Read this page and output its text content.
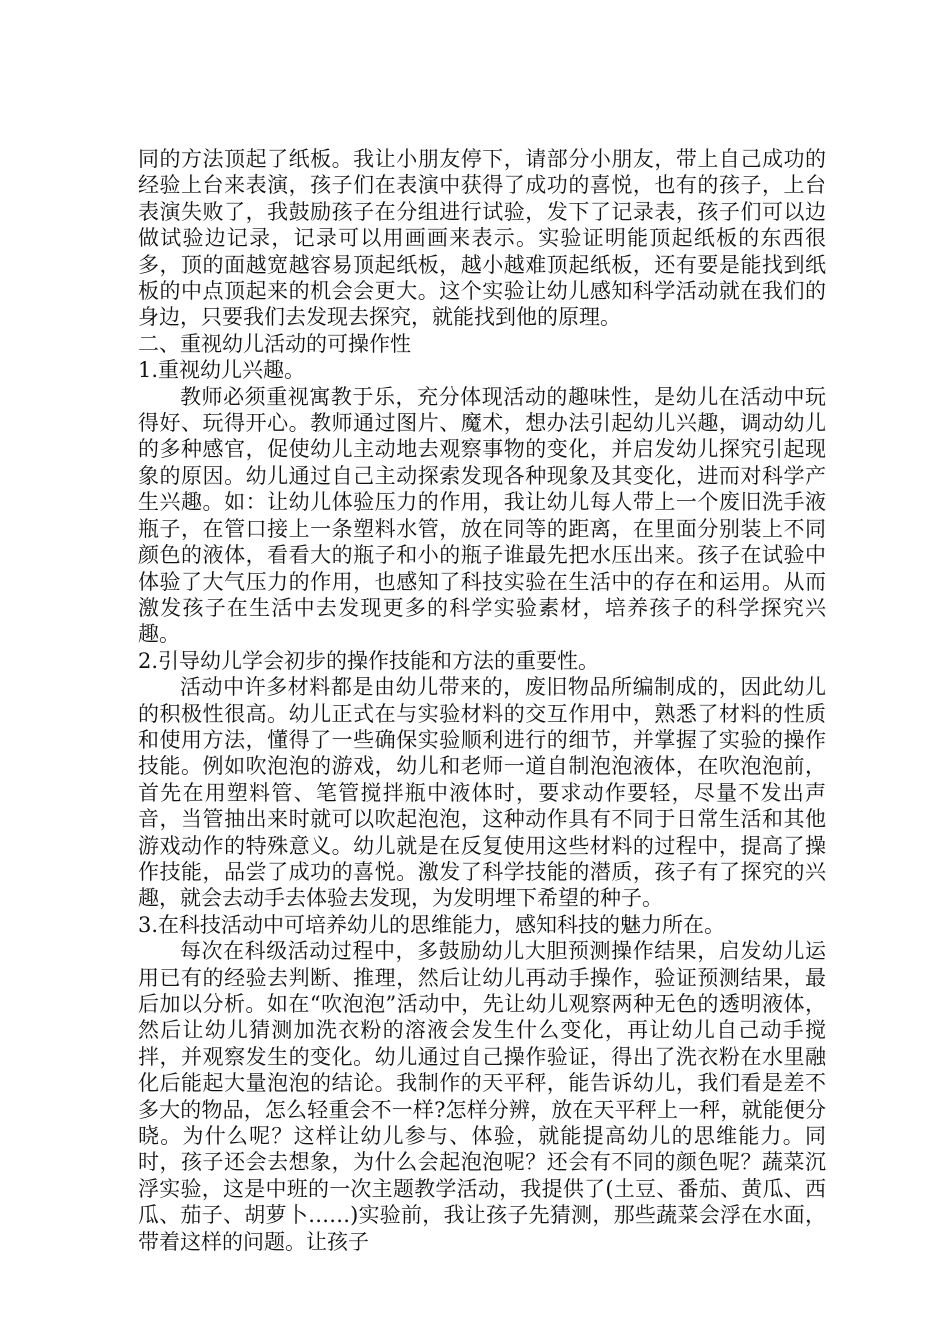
同的方法顶起了纸板。我让小朋友停下，请部分小朋友，带上自己成功的经验上台来表演，孩子们在表演中获得了成功的喜悦，也有的孩子，上台表演失败了，我鼓励孩子在分组进行试验，发下了记录表，孩子们可以边做试验边记录，记录可以用画画来表示。实验证明能顶起纸板的东西很多，顶的面越宽越容易顶起纸板，越小越难顶起纸板，还有要是能找到纸板的中点顶起来的机会会更大。这个实验让幼儿感知科学活动就在我们的身边，只要我们去发现去探究，就能找到他的原理。

二、重视幼儿活动的可操作性
1.重视幼儿兴趣。

教师必须重视寓教于乐，充分体现活动的趣味性，是幼儿在活动中玩得好、玩得开心。教师通过图片、魔术，想办法引起幼儿兴趣，调动幼儿的多种感官，促使幼儿主动地去观察事物的变化，并启发幼儿探究引起现象的原因。幼儿通过自己主动探索发现各种现象及其变化，进而对科学产生兴趣。如：让幼儿体验压力的作用，我让幼儿每人带上一个废旧洗手液瓶子，在管口接上一条塑料水管，放在同等的距离，在里面分别装上不同颜色的液体，看看大的瓶子和小的瓶子谁最先把水压出来。孩子在试验中体验了大气压力的作用，也感知了科技实验在生活中的存在和运用。从而激发孩子在生活中去发现更多的科学实验素材，培养孩子的科学探究兴趣。

2.引导幼儿学会初步的操作技能和方法的重要性。

活动中许多材料都是由幼儿带来的，废旧物品所编制成的，因此幼儿的积极性很高。幼儿正式在与实验材料的交互作用中，熟悉了材料的性质和使用方法，懂得了一些确保实验顺利进行的细节，并掌握了实验的操作技能。例如吹泡泡的游戏，幼儿和老师一道自制泡泡液体，在吹泡泡前，首先在用塑料管、笔管搅拌瓶中液体时，要求动作要轻，尽量不发出声音，当管抽出来时就可以吹起泡泡，这种动作具有不同于日常生活和其他游戏动作的特殊意义。幼儿就是在反复使用这些材料的过程中，提高了操作技能，品尝了成功的喜悦。激发了科学技能的潜质，孩子有了探究的兴趣，就会去动手去体验去发现，为发明埋下希望的种子。

3.在科技活动中可培养幼儿的思维能力，感知科技的魅力所在。

每次在科级活动过程中，多鼓励幼儿大胆预测操作结果，启发幼儿运用已有的经验去判断、推理，然后让幼儿再动手操作，验证预测结果，最后加以分析。如在“吹泡泡”活动中，先让幼儿观察两种无色的透明液体，然后让幼儿猜测加洗衣粉的溶液会发生什么变化，再让幼儿自己动手搅拌，并观察发生的变化。幼儿通过自己操作验证，得出了洗衣粉在水里融化后能起大量泡泡的结论。我制作的天平秤，能告诉幼儿，我们看是差不多大的物品，怎么轻重会不一样?怎样分辨，放在天平秤上一秤，就能便分晓。为什么呢？这样让幼儿参与、体验，就能提高幼儿的思维能力。同时，孩子还会去想象，为什么会起泡泡呢？还会有不同的颜色呢？蔬菜沉浮实验，这是中班的一次主题教学活动，我提供了(土豆、番茄、黄瓜、西瓜、茄子、胡萝卜……)实验前，我让孩子先猜测，那些蔬菜会浮在水面，带着这样的问题。让孩子
